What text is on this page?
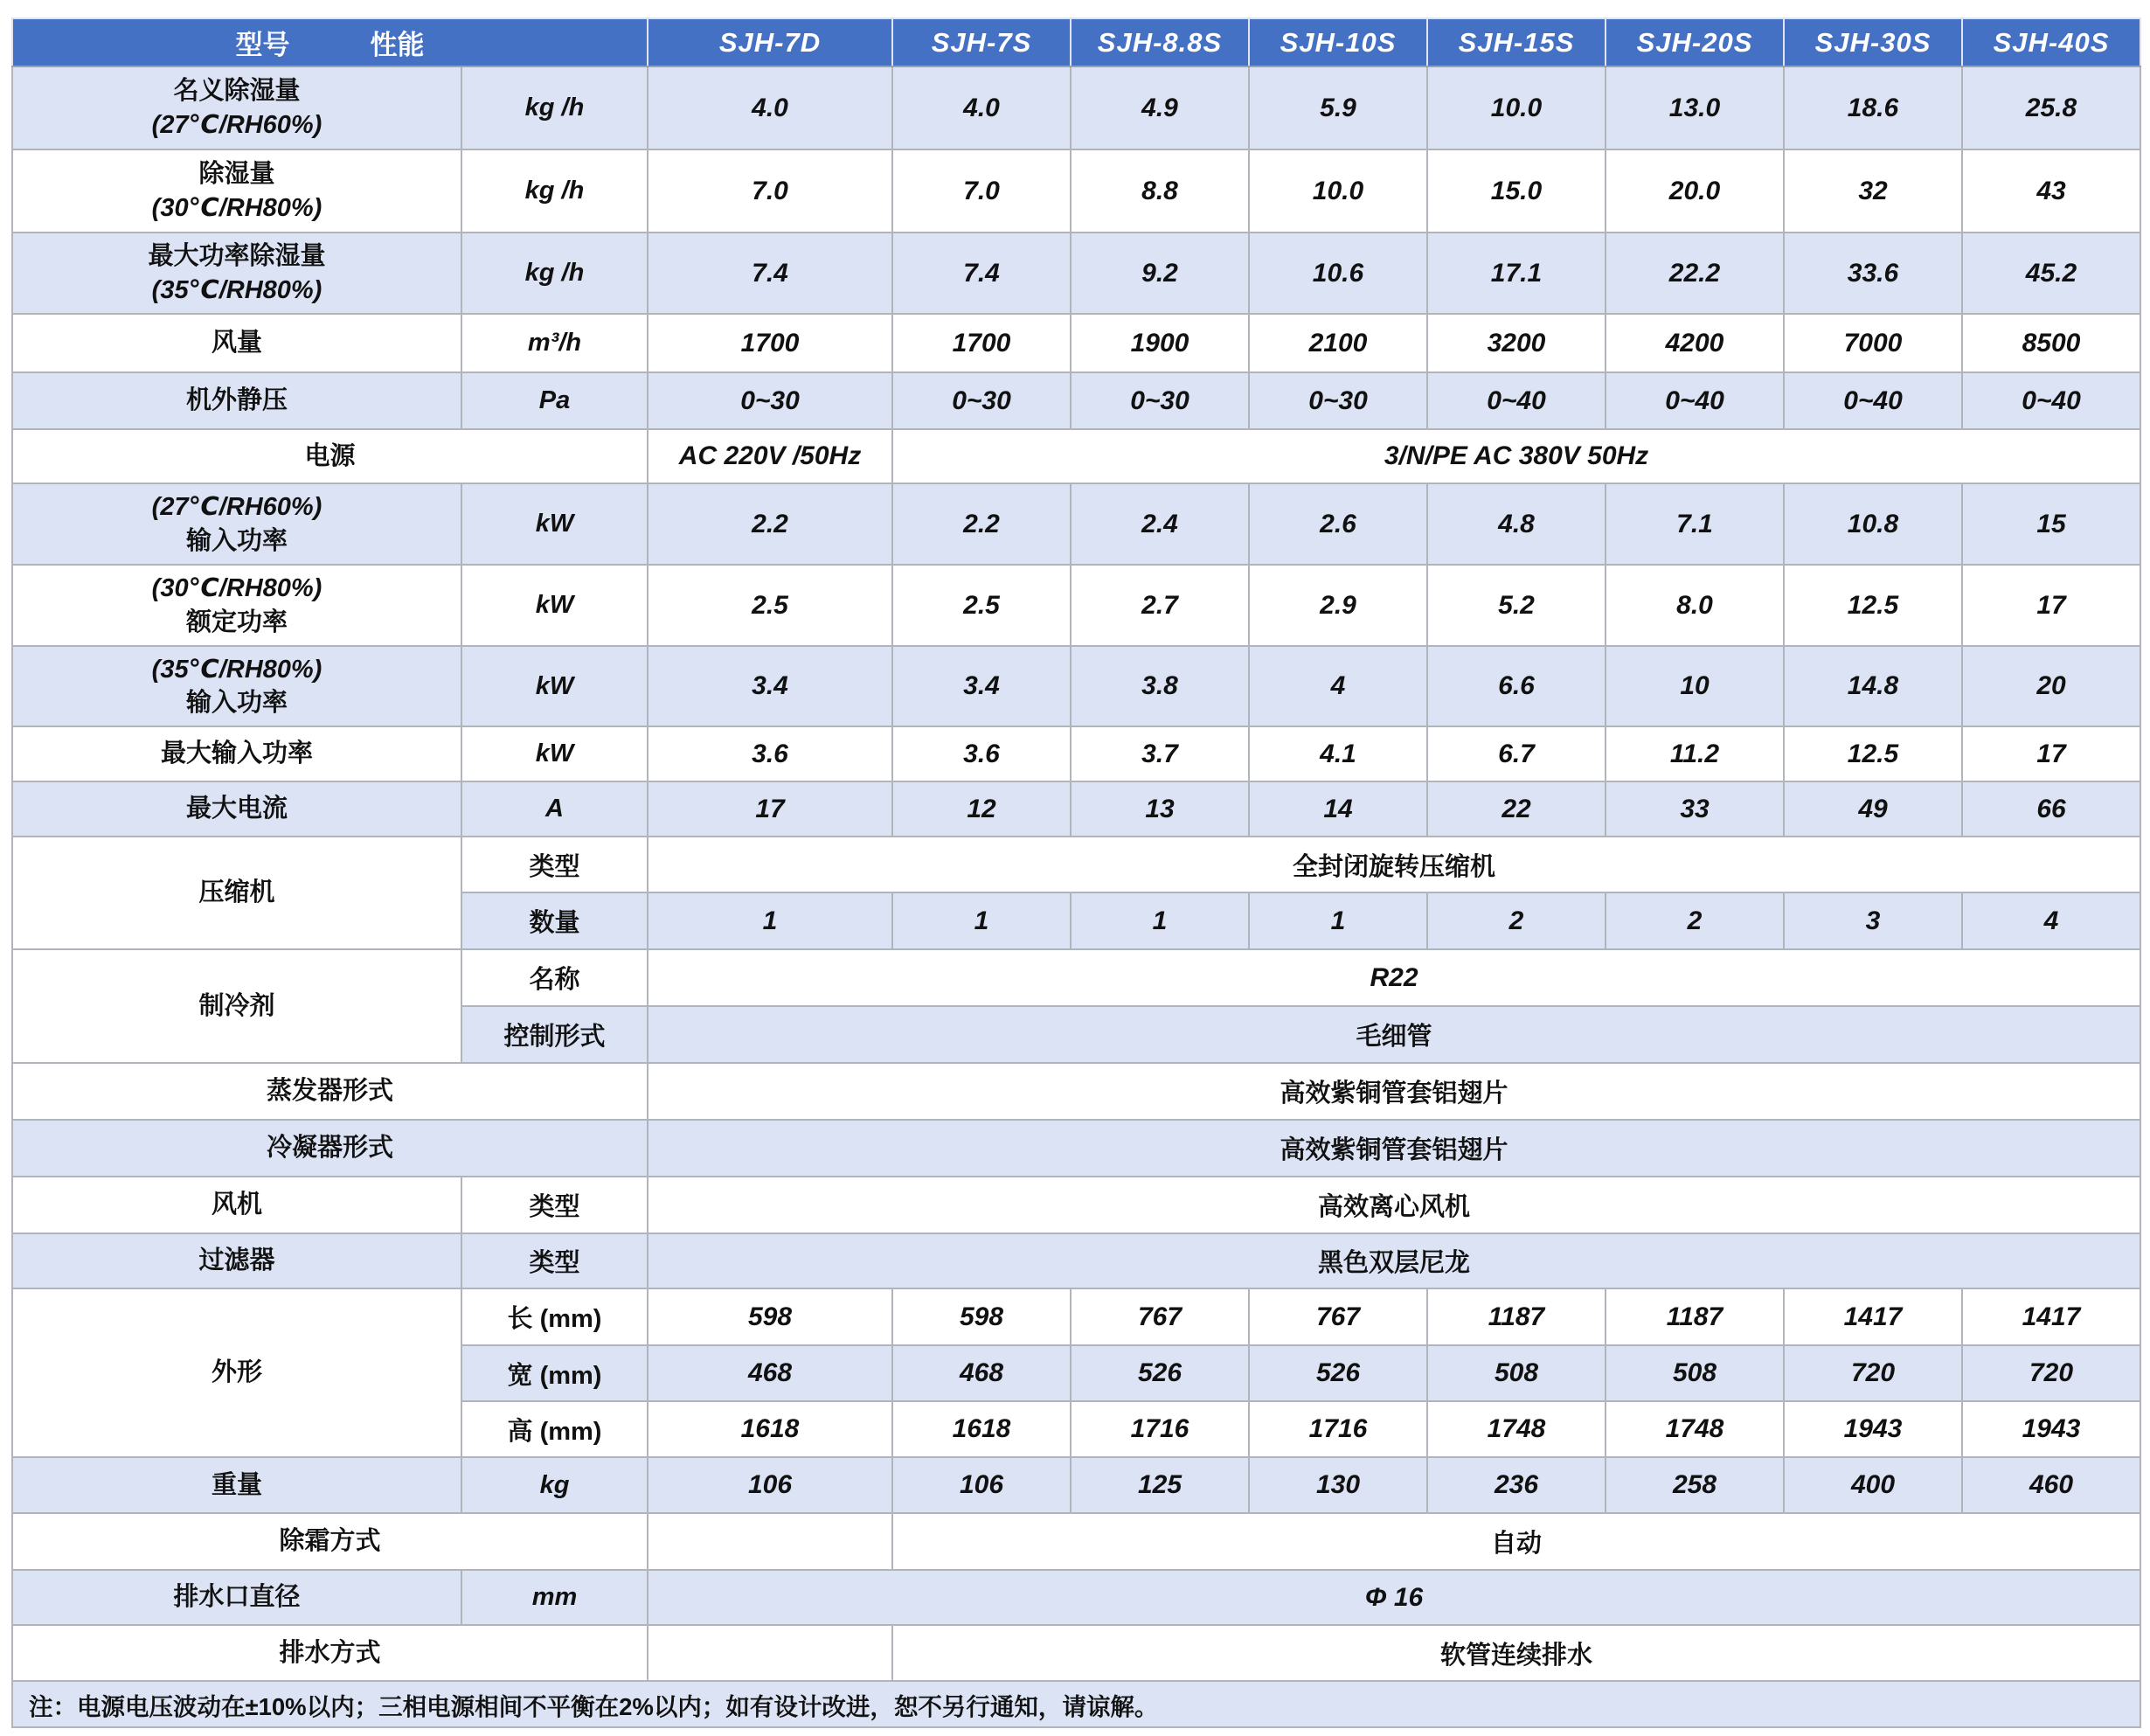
型号 性能		SJH-7D	SJH-7S	SJH-8.8S	SJH-10S	SJH-15S	SJH-20S	SJH-30S	SJH-40S

名义除湿量
(27℃/RH60%)	kg /h	4.0	4.0	4.9	5.9	10.0	13.0	18.6	25.8

除湿量
(30℃/RH80%)	kg /h	7.0	7.0	8.8	10.0	15.0	20.0	32	43

最大功率除湿量
(35℃/RH80%)	kg /h	7.4	7.4	9.2	10.6	17.1	22.2	33.6	45.2
风量	m³/h	1700	1700	1900	2100	3200	4200	7000	8500
机外静压	Pa	0~30	0~30	0~30	0~30	0~40	0~40	0~40	0~40
电源		AC 220V /50Hz	3/N/PE AC 380V 50Hz						

(27℃/RH60%)
输入功率	kW	2.2	2.2	2.4	2.6	4.8	7.1	10.8	15

(30℃/RH80%)
额定功率	kW	2.5	2.5	2.7	2.9	5.2	8.0	12.5	17

(35℃/RH80%)
输入功率	kW	3.4	3.4	3.8	4	6.6	10	14.8	20
最大输入功率	kW	3.6	3.6	3.7	4.1	6.7	11.2	12.5	17
最大电流	A	17	12	13	14	22	33	49	66
压缩机	类型	全封闭旋转压缩机							
	数量	1	1	1	1	2	2	3	4
制冷剂	名称	R22							
	控制形式	毛细管							
蒸发器形式		高效紫铜管套铝翅片							
冷凝器形式		高效紫铜管套铝翅片							
风机	类型	高效离心风机							
过滤器	类型	黑色双层尼龙							
外形	长 (mm)	598	598	767	767	1187	1187	1417	1417
	宽 (mm)	468	468	526	526	508	508	720	720
	高 (mm)	1618	1618	1716	1716	1748	1748	1943	1943
重量	kg	106	106	125	130	236	258	400	460
除霜方式			自动						
排水口直径	mm	Φ 16							
排水方式			软管连续排水						
注：电源电压波动在±10%以内；三相电源相间不平衡在2%以内；如有设计改进，恕不另行通知，请谅解。									
